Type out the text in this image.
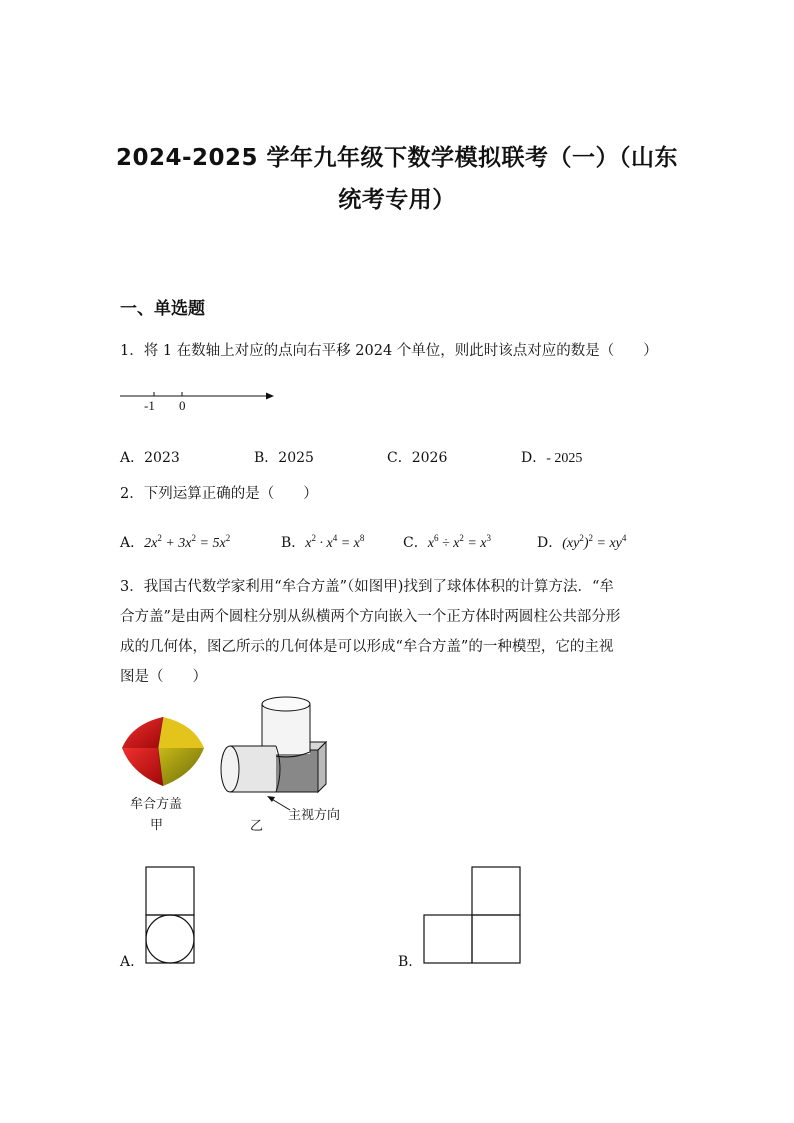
2024-2025 学年九年级下数学模拟联考（一）（山东
统考专用）
一、单选题
1．将 1 在数轴上对应的点向右平移 2024 个单位，则此时该点对应的数是（　　）
-1 0
A．2023	B．2025	C．2026	D．- 2025
2．下列运算正确的是（　　）
A．$2x^2 + 3x^2 = 5x^2$	B．$x^2 \cdot x^4 = x^8$	C．$x^6 \div x^2 = x^3$	D．$(xy^2)^2 = xy^4$
3．我国古代数学家利用“牟合方盖”（如图甲)找到了球体体积的计算方法．“牟
合方盖”是由两个圆柱分别从纵横两个方向嵌入一个正方体时两圆柱公共部分形
成的几何体，图乙所示的几何体是可以形成“牟合方盖”的一种模型，它的主视
图是（　　）
牟合方盖
甲	乙
主视方向
A.	B.
